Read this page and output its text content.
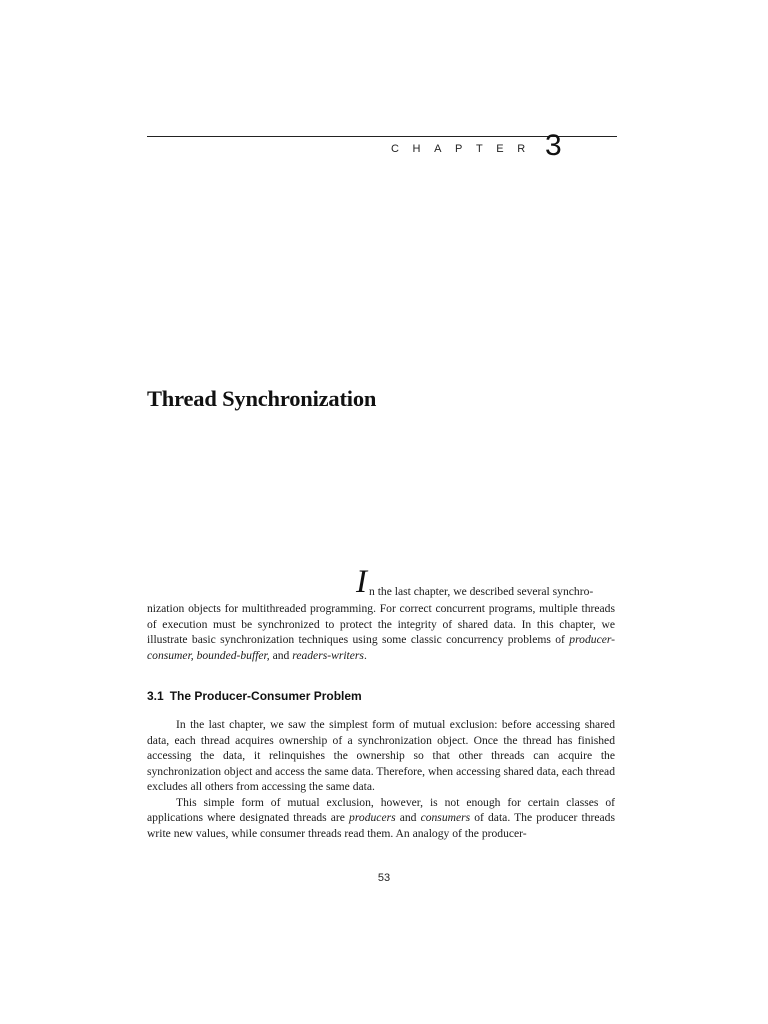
CHAPTER 3
Thread Synchronization
I n the last chapter, we described several synchro-

nization objects for multithreaded programming. For correct concurrent programs, multiple threads of execution must be synchronized to protect the integrity of shared data. In this chapter, we illustrate basic synchronization techniques using some classic concurrency problems of producer-consumer, bounded-buffer, and readers-writers.

3.1 The Producer-Consumer Problem

In the last chapter, we saw the simplest form of mutual exclusion: before accessing shared data, each thread acquires ownership of a synchronization object. Once the thread has finished accessing the data, it relinquishes the ownership so that other threads can acquire the synchronization object and access the same data. Therefore, when accessing shared data, each thread excludes all others from accessing the same data.

This simple form of mutual exclusion, however, is not enough for certain classes of applications where designated threads are producers and consumers of data. The producer threads write new values, while consumer threads read them. An analogy of the producer-

53
